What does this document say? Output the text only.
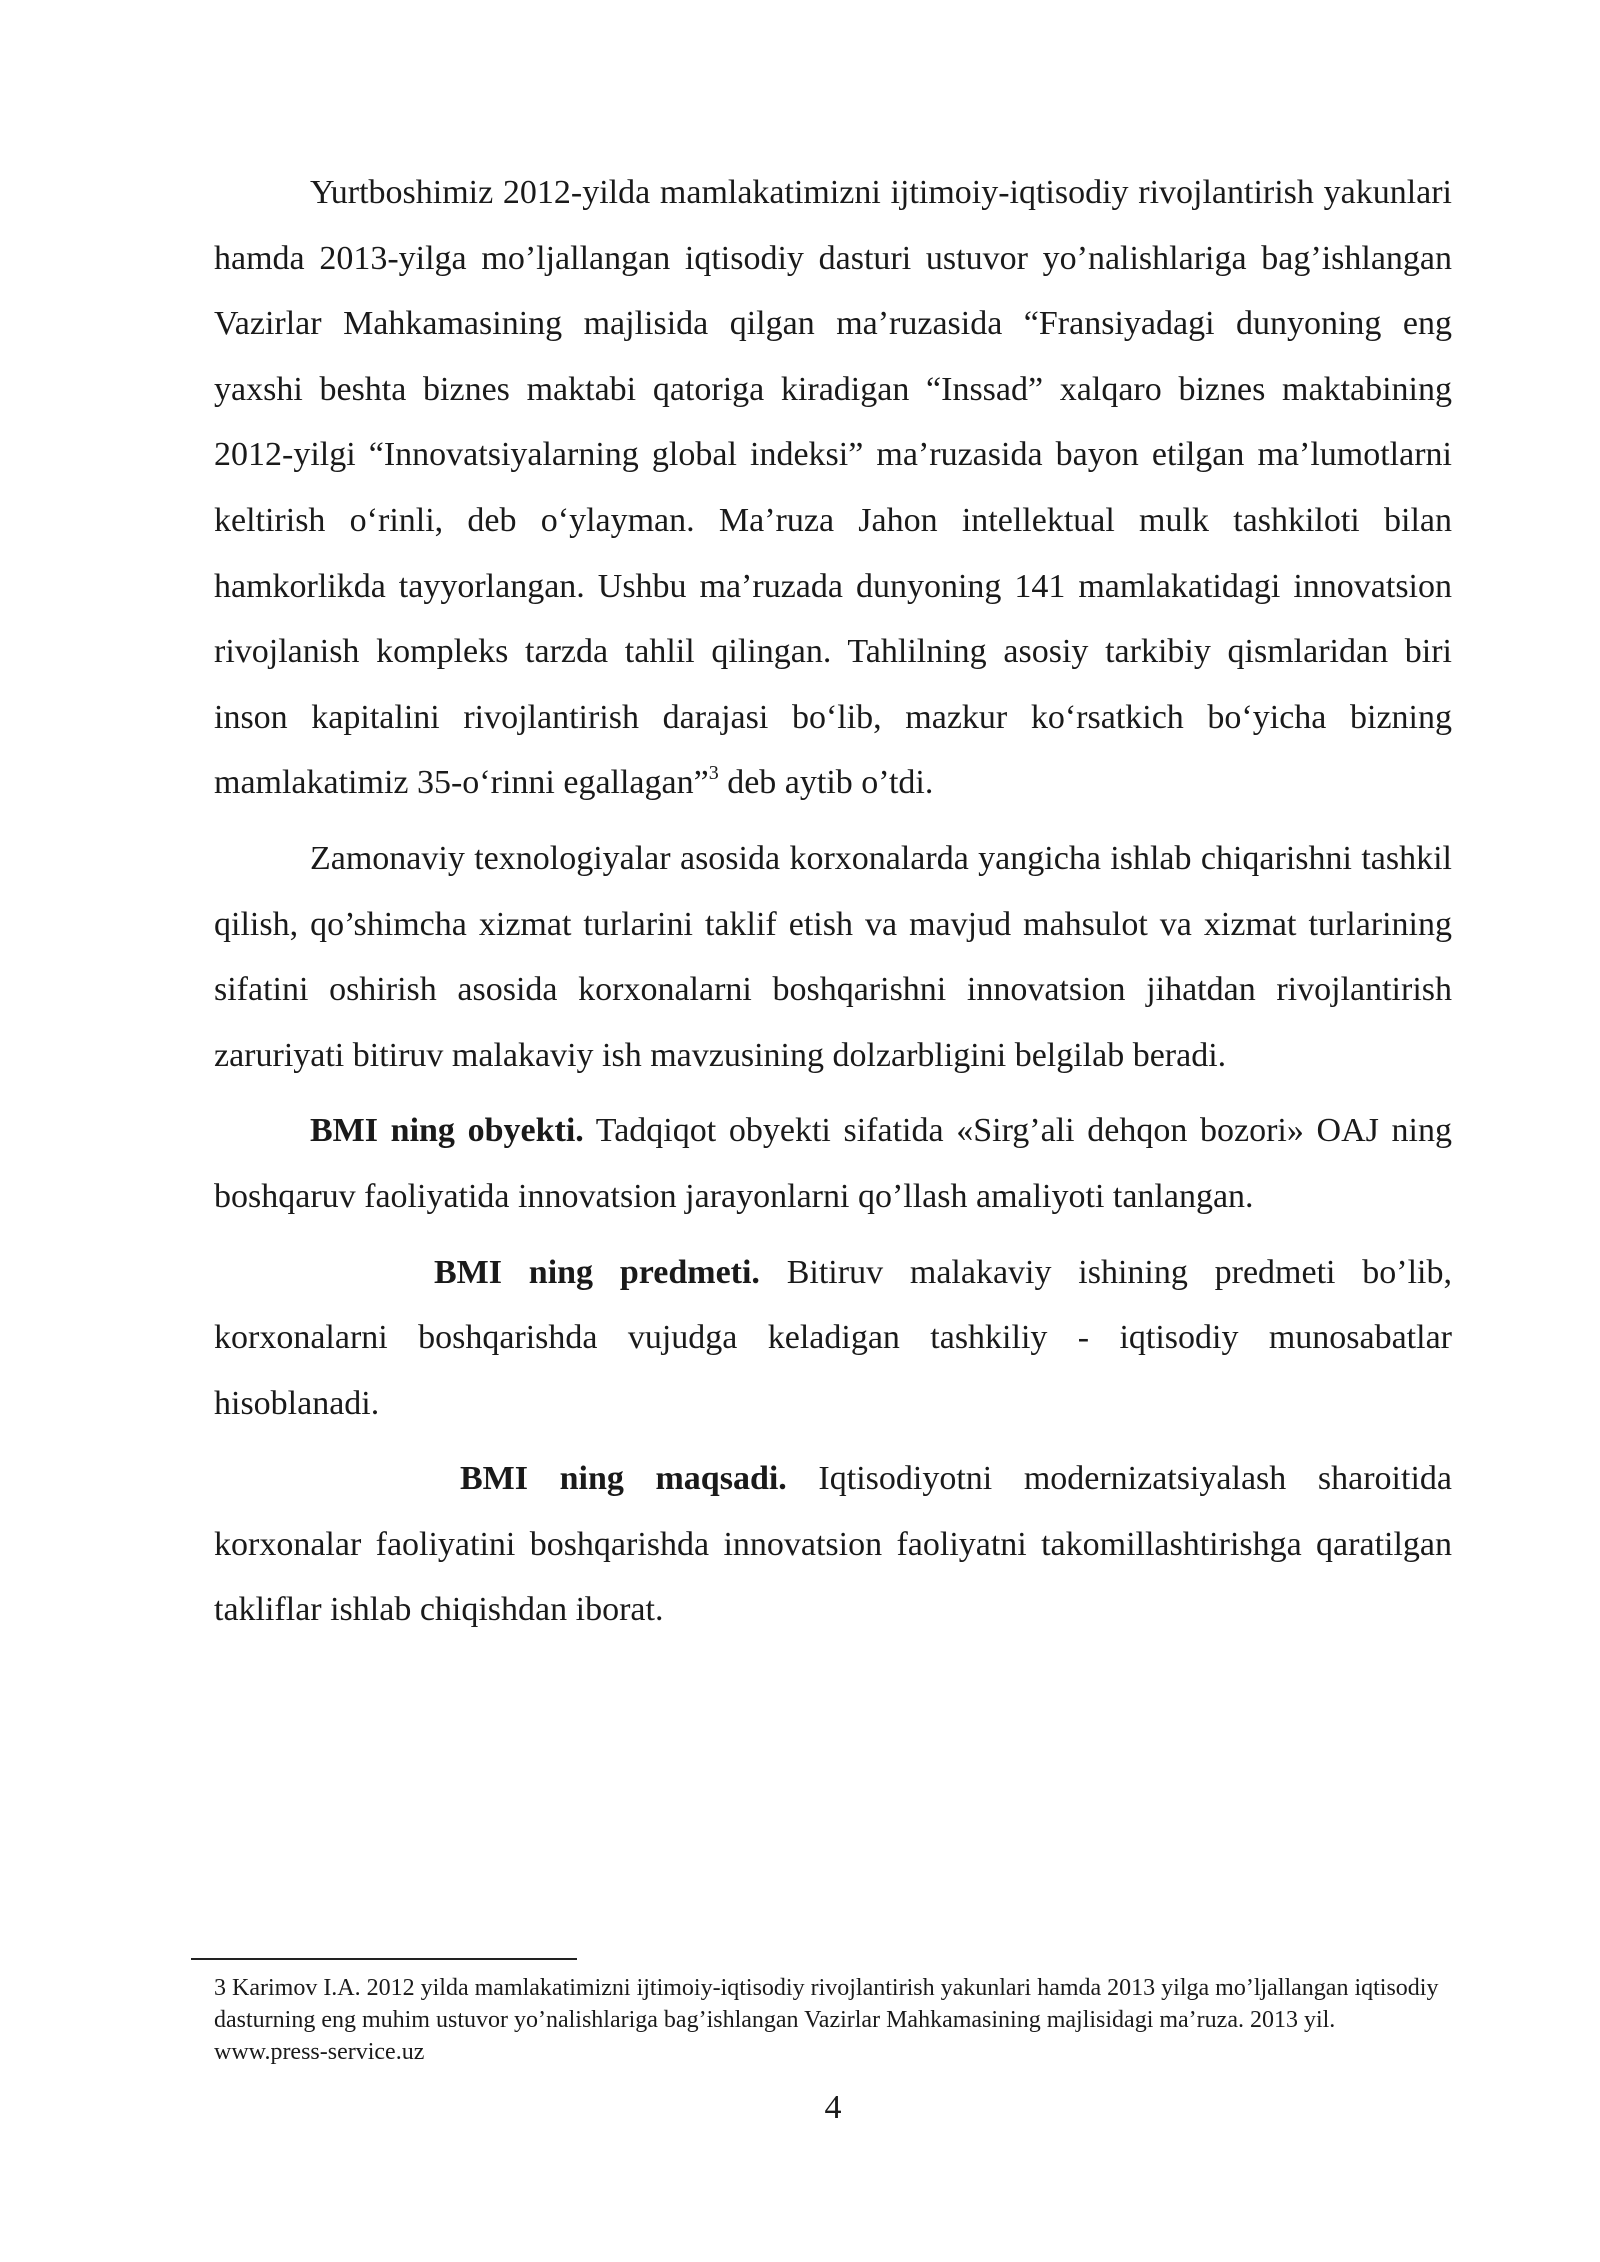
Yurtboshimiz 2012-yilda mamlakatimizni ijtimoiy-iqtisodiy rivojlantirish yakunlari hamda 2013-yilga mo’ljallangan iqtisodiy dasturi ustuvor yo’nalishlariga bag’ishlangan Vazirlar Mahkamasining majlisida qilgan ma’ruzasida “Fransiyadagi dunyoning eng yaxshi beshta biznes maktabi qatoriga kiradigan “Inssad” xalqaro biznes maktabining 2012-yilgi “Innovatsiyalarning global indeksi” ma’ruzasida bayon etilgan ma’lumotlarni keltirish o‘rinli, deb o‘ylayman. Ma’ruza Jahon intellektual mulk tashkiloti bilan hamkorlikda tayyorlangan. Ushbu ma’ruzada dunyoning 141 mamlakatidagi innovatsion rivojlanish kompleks tarzda tahlil qilingan. Tahlilning asosiy tarkibiy qismlaridan biri inson kapitalini rivojlantirish darajasi bo‘lib, mazkur ko‘rsatkich bo‘yicha bizning mamlakatimiz 35-o‘rinni egallagan”$^3$ deb aytib o’tdi.

Zamonaviy texnologiyalar asosida korxonalarda yangicha ishlab chiqarishni tashkil qilish, qo’shimcha xizmat turlarini taklif etish va mavjud mahsulot va xizmat turlarining sifatini oshirish asosida korxonalarni boshqarishni innovatsion jihatdan rivojlantirish zaruriyati bitiruv malakaviy ish mavzusining dolzarbligini belgilab beradi.

BMI ning obyekti. Tadqiqot obyekti sifatida «Sirg’ali dehqon bozori» OAJ ning boshqaruv faoliyatida innovatsion jarayonlarni qo’llash amaliyoti tanlangan.

BMI ning predmeti. Bitiruv malakaviy ishining predmeti bo’lib, korxonalarni boshqarishda vujudga keladigan tashkiliy - iqtisodiy munosabatlar hisoblanadi.

BMI ning maqsadi. Iqtisodiyotni modernizatsiyalash sharoitida korxonalar faoliyatini boshqarishda innovatsion faoliyatni takomillashtirishga qaratilgan takliflar ishlab chiqishdan iborat.

3 Karimov I.A. 2012 yilda mamlakatimizni ijtimoiy-iqtisodiy rivojlantirish yakunlari hamda 2013 yilga mo’ljallangan iqtisodiy dasturning eng muhim ustuvor yo’nalishlariga bag’ishlangan Vazirlar Mahkamasining majlisidagi ma’ruza. 2013 yil. www.press-service.uz

4
